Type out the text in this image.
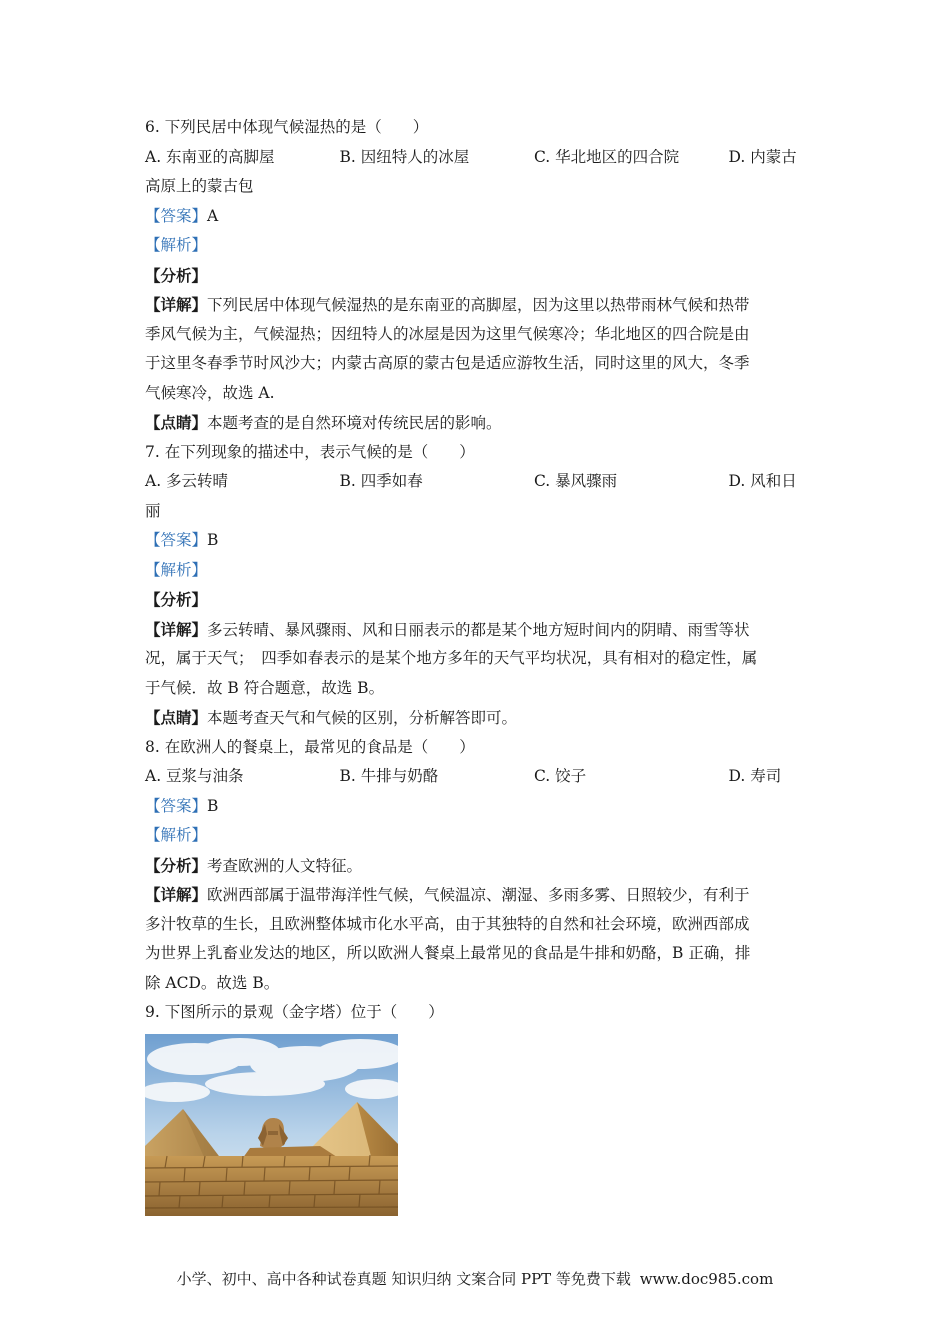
6. 下列民居中体现气候湿热的是（　　）
A. 东南亚的高脚屋	B. 因纽特人的冰屋	C. 华北地区的四合院	D. 内蒙古
高原上的蒙古包
【答案】A
【解析】
【分析】
【详解】下列民居中体现气候湿热的是东南亚的高脚屋，因为这里以热带雨林气候和热带
季风气候为主，气候湿热；因纽特人的冰屋是因为这里气候寒冷；华北地区的四合院是由
于这里冬春季节时风沙大；内蒙古高原的蒙古包是适应游牧生活，同时这里的风大，冬季
气候寒冷，故选 A.
【点睛】本题考查的是自然环境对传统民居的影响。
7. 在下列现象的描述中，表示气候的是（　　）
A. 多云转晴	B. 四季如春	C. 暴风骤雨	D. 风和日
丽
【答案】B
【解析】
【分析】
【详解】多云转晴、暴风骤雨、风和日丽表示的都是某个地方短时间内的阴晴、雨雪等状
况，属于天气；　四季如春表示的是某个地方多年的天气平均状况，具有相对的稳定性，属
于气候．故 B 符合题意，故选 B。
【点睛】本题考查天气和气候的区别，分析解答即可。
8. 在欧洲人的餐桌上，最常见的食品是（　　）
A. 豆浆与油条	B. 牛排与奶酪	C. 饺子	D. 寿司
【答案】B
【解析】
【分析】考查欧洲的人文特征。
【详解】欧洲西部属于温带海洋性气候，气候温凉、潮湿、多雨多雾、日照较少，有利于
多汁牧草的生长，且欧洲整体城市化水平高，由于其独特的自然和社会环境，欧洲西部成
为世界上乳畜业发达的地区，所以欧洲人餐桌上最常见的食品是牛排和奶酪，B 正确，排
除 ACD。故选 B。
9. 下图所示的景观（金字塔）位于（　　）
小学、初中、高中各种试卷真题 知识归纳 文案合同 PPT 等免费下载 www.doc985.com
